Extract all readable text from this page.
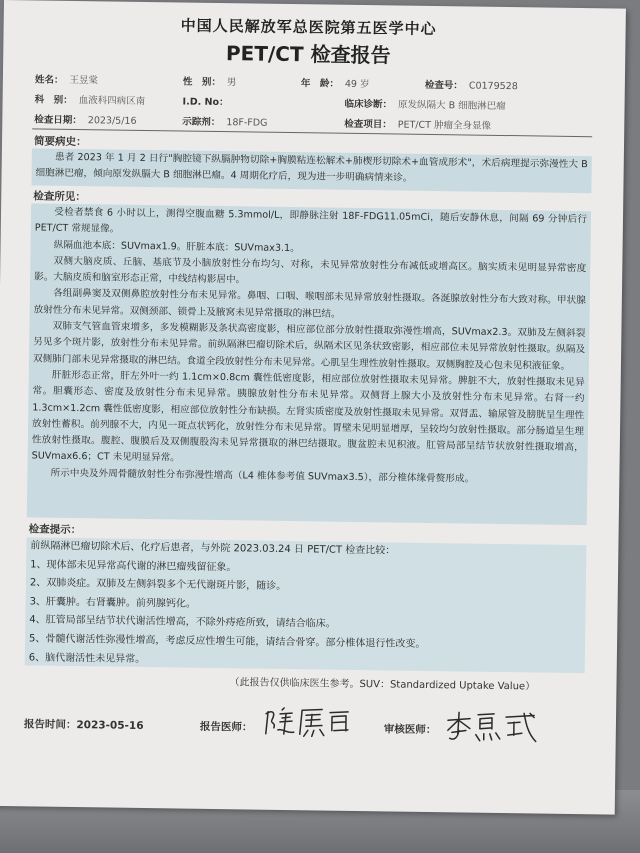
中国人民解放军总医院第五医学中心
PET/CT 检查报告
姓名： 王昱棠	性　别： 男	年　龄： 49 岁	检查号： C0179528
科　别： 血液科四病区南	I.D. No：	临床诊断： 原发纵隔大 B 细胞淋巴瘤
检查日期： 2023/5/16	示踪剂： 18F-FDG	检查项目： PET/CT 肿瘤全身显像
简要病史：

患者 2023 年 1 月 2 日行"胸腔镜下纵膈肿物切除+胸膜粘连松解术+肺楔形切除术+血管成形术"，术后病理提示弥漫性大 B 细胞淋巴瘤，倾向原发纵膈大 B 细胞淋巴瘤。4 周期化疗后，现为进一步明确病情来诊。

检查所见：

受检者禁食 6 小时以上，测得空腹血糖 5.3mmol/L，即静脉注射 18F-FDG11.05mCi，随后安静休息，间隔 69 分钟后行 PET/CT 常规显像。

纵隔血池本底：SUVmax1.9。肝脏本底：SUVmax3.1。

双侧大脑皮质、丘脑、基底节及小脑放射性分布均匀、对称，未见异常放射性分布减低或增高区。脑实质未见明显异常密度影。大脑皮质和脑室形态正常，中线结构影居中。

各组副鼻窦及双侧鼻腔放射性分布未见异常。鼻咽、口咽、喉咽部未见异常放射性摄取。各涎腺放射性分布大致对称。甲状腺放射性分布未见异常。双侧颈部、锁骨上及腋窝未见异常摄取的淋巴结。

双肺支气管血管束增多，多发模糊影及条状高密度影，相应部位部分放射性摄取弥漫性增高，SUVmax2.3。双肺及左侧斜裂另见多个斑片影，放射性分布未见异常。前纵隔淋巴瘤切除术后，纵隔术区见条状致密影，相应部位未见异常放射性摄取。纵隔及双侧肺门部未见异常摄取的淋巴结。食道全段放射性分布未见异常。心肌呈生理性放射性摄取。双侧胸腔及心包未见积液征象。

肝脏形态正常，肝左外叶一约 1.1cm×0.8cm 囊性低密度影，相应部位放射性摄取未见异常。脾脏不大，放射性摄取未见异常。胆囊形态、密度及放射性分布未见异常。胰腺放射性分布未见异常。双侧肾上腺大小及放射性分布未见异常。右肾一约 1.3cm×1.2cm 囊性低密度影，相应部位放射性分布缺损。左肾实质密度及放射性摄取未见异常。双肾盂、输尿管及膀胱呈生理性放射性蓄积。前列腺不大，内见一斑点状钙化，放射性分布未见异常。胃壁未见明显增厚，呈较均匀放射性摄取。部分肠道呈生理性放射性摄取。腹腔、腹膜后及双侧腹股沟未见异常摄取的淋巴结摄取。腹盆腔未见积液。肛管局部呈结节状放射性摄取增高，SUVmax6.6；CT 未见明显异常。

所示中央及外周骨髓放射性分布弥漫性增高（L4 椎体参考值 SUVmax3.5），部分椎体缘骨赘形成。

检查提示：

前纵隔淋巴瘤切除术后、化疗后患者，与外院 2023.03.24 日 PET/CT 检查比较：

1、现体部未见异常高代谢的淋巴瘤残留征象。

2、双肺炎症。双肺及左侧斜裂多个无代谢斑片影，随诊。

3、肝囊肿。右肾囊肿。前列腺钙化。

4、肛管局部呈结节状代谢活性增高，不除外痔疮所致，请结合临床。

5、骨髓代谢活性弥漫性增高，考虑反应性增生可能，请结合骨穿。部分椎体退行性改变。

6、脑代谢活性未见异常。

（此报告仅供临床医生参考。SUV：Standardized Uptake Value）
报告时间：2023-05-16	报告医师：	审核医师：
